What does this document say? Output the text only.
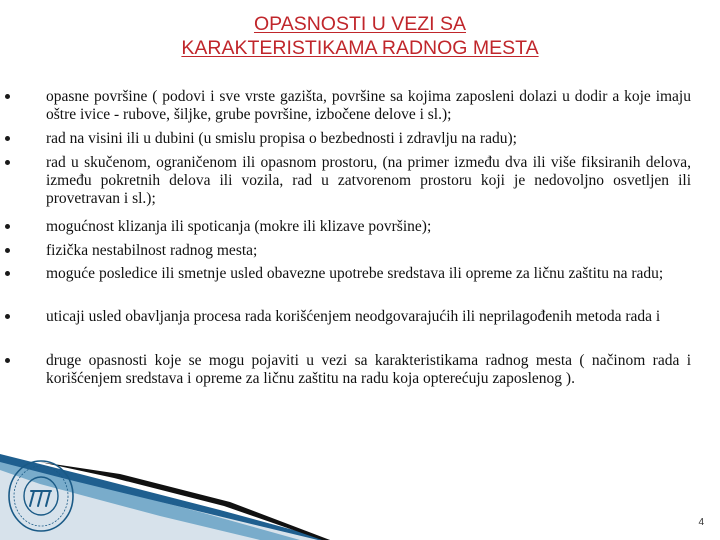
OPASNOSTI U VEZI SA
KARAKTERISTIKAMA RADNOG MESTA
opasne površine ( podovi i sve vrste gazišta, površine sa kojima zaposleni dolazi u dodir a koje imaju oštre ivice - rubove, šiljke, grube površine, izbočene delove i sl.);
rad na visini ili u dubini (u smislu propisa o bezbednosti i zdravlju na radu);
rad u skučenom, ograničenom ili opasnom prostoru, (na primer između dva ili više fiksiranih delova, između pokretnih delova ili vozila, rad u zatvorenom prostoru koji je nedovoljno osvetljen ili provetravan i sl.);
mogućnost klizanja ili spoticanja (mokre ili klizave površine);
fizička nestabilnost radnog mesta;
moguće posledice ili smetnje usled obavezne upotrebe sredstava ili opreme za ličnu zaštitu na radu;
uticaji usled obavljanja procesa rada korišćenjem neodgovarajućih ili neprilagođenih metoda rada i
druge opasnosti koje se mogu pojaviti u vezi sa karakteristikama radnog mesta ( načinom rada i korišćenjem sredstava i opreme za ličnu zaštitu na radu koja opterećuju zaposlenog ).
4
